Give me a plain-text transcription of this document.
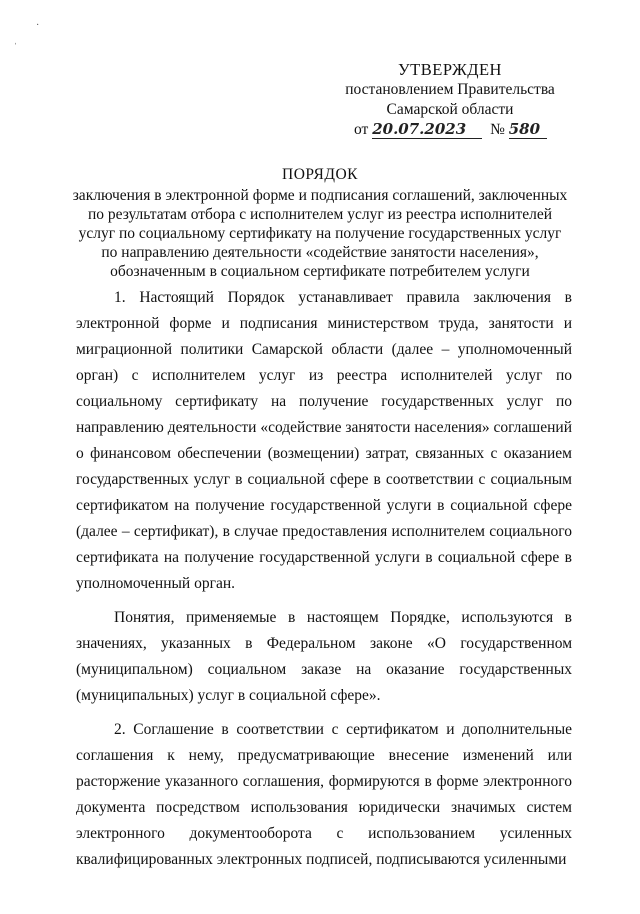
ˈ
·
УТВЕРЖДЕН
постановлением Правительства
Самарской области
от 20.07.2023 № 580
ПОРЯДОК
заключения в электронной форме и подписания соглашений, заключенных
по результатам отбора с исполнителем услуг из реестра исполнителей
услуг по социальному сертификату на получение государственных услуг
по направлению деятельности «содействие занятости населения»,
обозначенным в социальном сертификате потребителем услуги

1. Настоящий Порядок устанавливает правила заключения в электронной форме и подписания министерством труда, занятости и миграционной политики Самарской области (далее – уполномоченный орган) с исполнителем услуг из реестра исполнителей услуг по социальному сертификату на получение государственных услуг по направлению деятельности «содействие занятости населения» соглашений о финансовом обеспечении (возмещении) затрат, связанных с оказанием государственных услуг в социальной сфере в соответствии с социальным сертификатом на получение государственной услуги в социальной сфере (далее – сертификат), в случае предоставления исполнителем социального сертификата на получение государственной услуги в социальной сфере в уполномоченный орган.

Понятия, применяемые в настоящем Порядке, используются в значениях, указанных в Федеральном законе «О государственном (муниципальном) социальном заказе на оказание государственных (муниципальных) услуг в социальной сфере».

2. Соглашение в соответствии с сертификатом и дополнительные соглашения к нему, предусматривающие внесение изменений или расторжение указанного соглашения, формируются в форме электронного документа посредством использования юридически значимых систем электронного документооборота с использованием усиленных квалифицированных электронных подписей, подписываются усиленными
